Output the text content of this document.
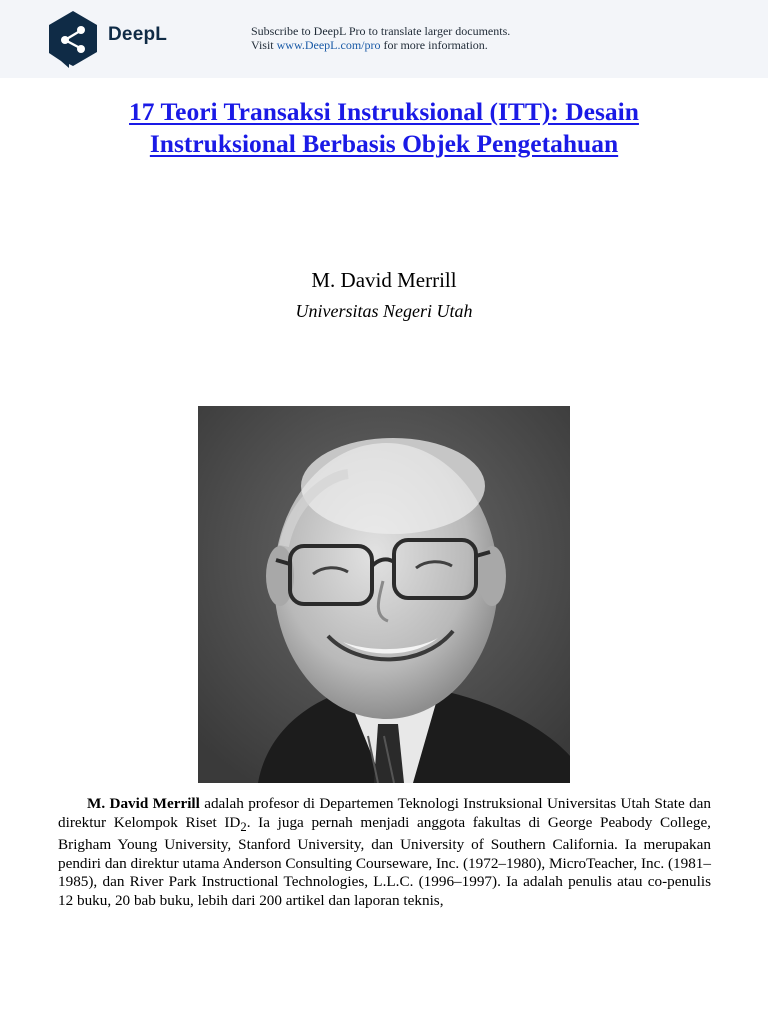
DeepL	Subscribe to DeepL Pro to translate larger documents.
Visit www.DeepL.com/pro for more information.
17 Teori Transaksi Instruksional (ITT): Desain
Instruksional Berbasis Objek Pengetahuan
M. David Merrill
Universitas Negeri Utah

M. David Merrill adalah profesor di Departemen Teknologi Instruksional Universitas Utah State dan direktur Kelompok Riset $ID_2$. Ia juga pernah menjadi anggota fakultas di George Peabody College, Brigham Young University, Stanford University, dan University of Southern California. Ia merupakan pendiri dan direktur utama Anderson Consulting Courseware, Inc. (1972–1980), MicroTeacher, Inc. (1981–1985), dan River Park Instructional Technologies, L.L.C. (1996–1997). Ia adalah penulis atau co-penulis 12 buku, 20 bab buku, lebih dari 200 artikel dan laporan teknis,
